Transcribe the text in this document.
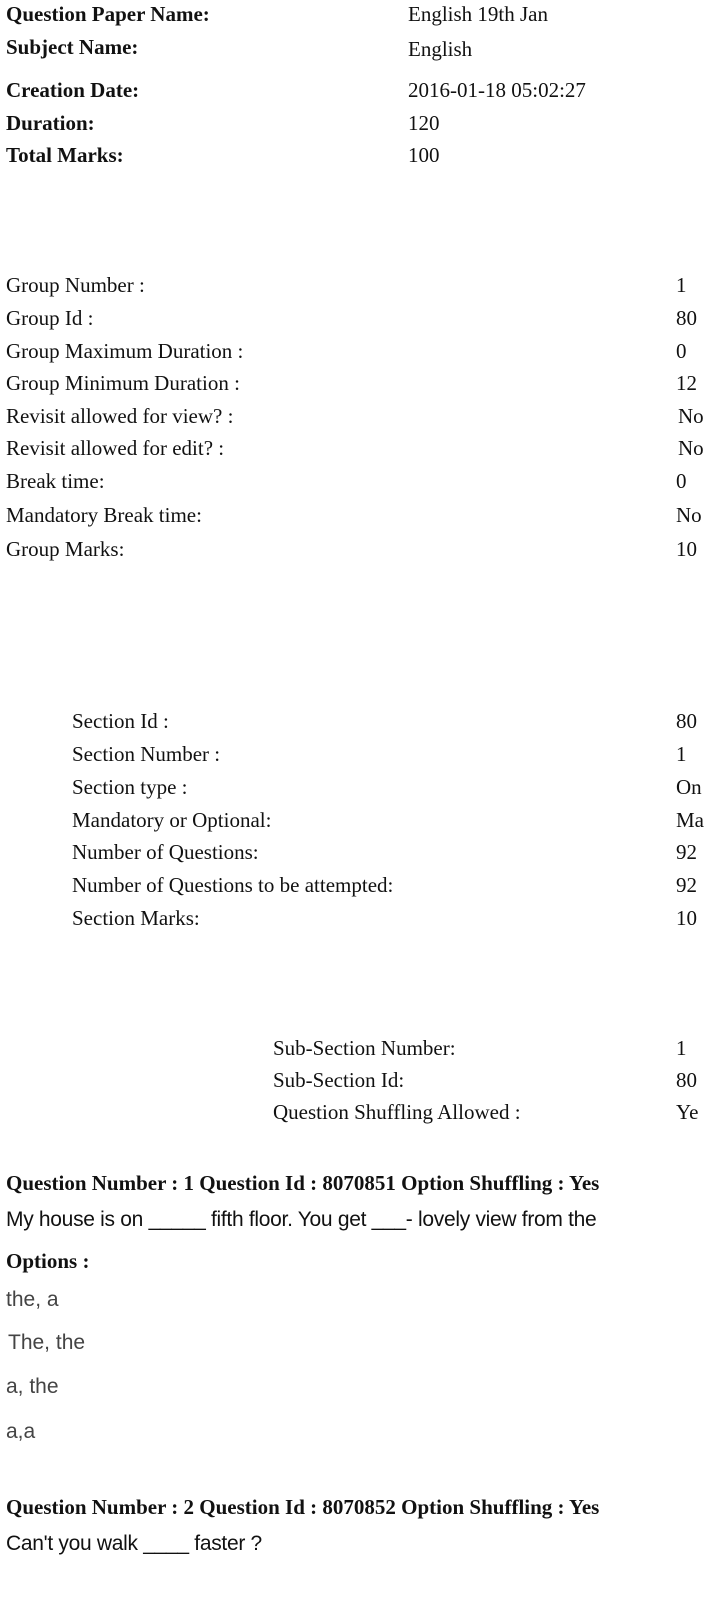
Question Paper Name:	English 19th Jan
Subject Name:	English
Creation Date:	2016-01-18 05:02:27
Duration:	120
Total Marks:	100
Group Number :	1
Group Id :	80
Group Maximum Duration :	0
Group Minimum Duration :	12
Revisit allowed for view? :	No
Revisit allowed for edit? :	No
Break time:	0
Mandatory Break time:	No
Group Marks:	10
Section Id :	80
Section Number :	1
Section type :	On
Mandatory or Optional:	Ma
Number of Questions:	92
Number of Questions to be attempted:	92
Section Marks:	10
Sub-Section Number:	1
Sub-Section Id:	80
Question Shuffling Allowed :	Ye
Question Number : 1 Question Id : 8070851 Option Shuffling : Yes
My house is on _____ fifth floor. You get ___- lovely view from the
Options :
the, a
The, the
a, the
a,a
Question Number : 2 Question Id : 8070852 Option Shuffling : Yes
Can't you walk ____ faster ?
